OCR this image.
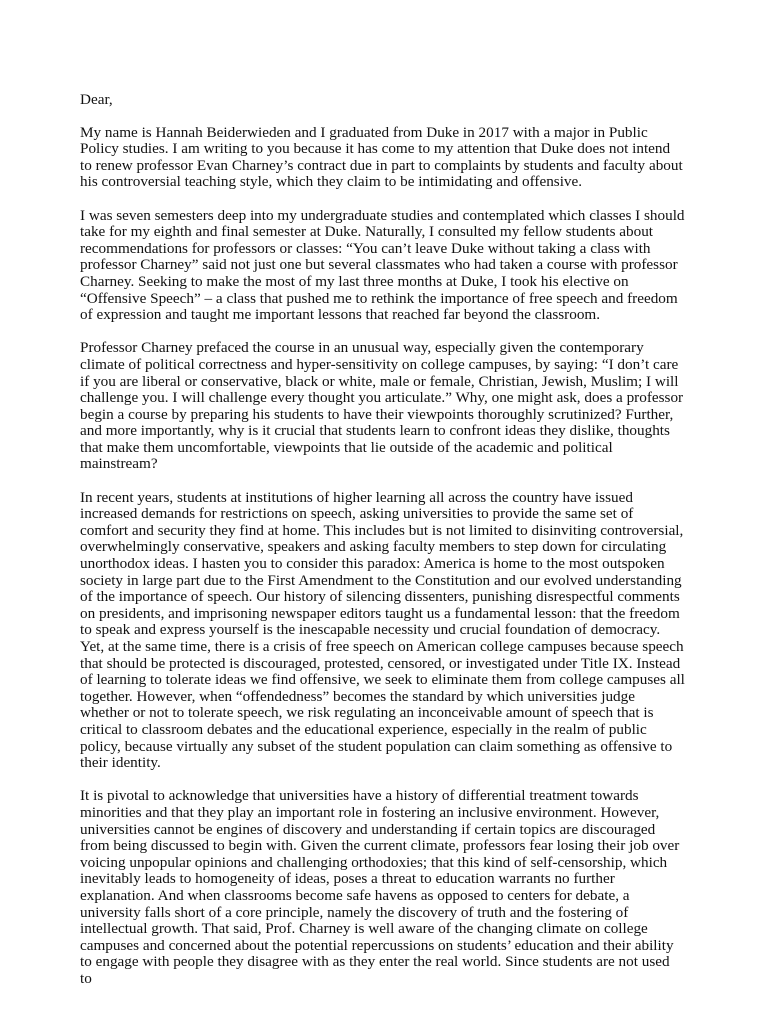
Dear,

My name is Hannah Beiderwieden and I graduated from Duke in 2017 with a major in Public Policy studies. I am writing to you because it has come to my attention that Duke does not intend to renew professor Evan Charney’s contract due in part to complaints by students and faculty about his controversial teaching style, which they claim to be intimidating and offensive.

I was seven semesters deep into my undergraduate studies and contemplated which classes I should take for my eighth and final semester at Duke. Naturally, I consulted my fellow students about recommendations for professors or classes: “You can’t leave Duke without taking a class with professor Charney” said not just one but several classmates who had taken a course with professor Charney. Seeking to make the most of my last three months at Duke, I took his elective on “Offensive Speech” – a class that pushed me to rethink the importance of free speech and freedom of expression and taught me important lessons that reached far beyond the classroom.

Professor Charney prefaced the course in an unusual way, especially given the contemporary climate of political correctness and hyper-sensitivity on college campuses, by saying: “I don’t care if you are liberal or conservative, black or white, male or female, Christian, Jewish, Muslim; I will challenge you. I will challenge every thought you articulate.” Why, one might ask, does a professor begin a course by preparing his students to have their viewpoints thoroughly scrutinized? Further, and more importantly, why is it crucial that students learn to confront ideas they dislike, thoughts that make them uncomfortable, viewpoints that lie outside of the academic and political mainstream?

In recent years, students at institutions of higher learning all across the country have issued increased demands for restrictions on speech, asking universities to provide the same set of comfort and security they find at home. This includes but is not limited to disinviting controversial, overwhelmingly conservative, speakers and asking faculty members to step down for circulating unorthodox ideas. I hasten you to consider this paradox: America is home to the most outspoken society in large part due to the First Amendment to the Constitution and our evolved understanding of the importance of speech. Our history of silencing dissenters, punishing disrespectful comments on presidents, and imprisoning newspaper editors taught us a fundamental lesson: that the freedom to speak and express yourself is the inescapable necessity und crucial foundation of democracy. Yet, at the same time, there is a crisis of free speech on American college campuses because speech that should be protected is discouraged, protested, censored, or investigated under Title IX. Instead of learning to tolerate ideas we find offensive, we seek to eliminate them from college campuses all together. However, when “offendedness” becomes the standard by which universities judge whether or not to tolerate speech, we risk regulating an inconceivable amount of speech that is critical to classroom debates and the educational experience, especially in the realm of public policy, because virtually any subset of the student population can claim something as offensive to their identity.

It is pivotal to acknowledge that universities have a history of differential treatment towards minorities and that they play an important role in fostering an inclusive environment. However, universities cannot be engines of discovery and understanding if certain topics are discouraged from being discussed to begin with. Given the current climate, professors fear losing their job over voicing unpopular opinions and challenging orthodoxies; that this kind of self-censorship, which inevitably leads to homogeneity of ideas, poses a threat to education warrants no further explanation. And when classrooms become safe havens as opposed to centers for debate, a university falls short of a core principle, namely the discovery of truth and the fostering of intellectual growth. That said, Prof. Charney is well aware of the changing climate on college campuses and concerned about the potential repercussions on students’ education and their ability to engage with people they disagree with as they enter the real world. Since students are not used to
